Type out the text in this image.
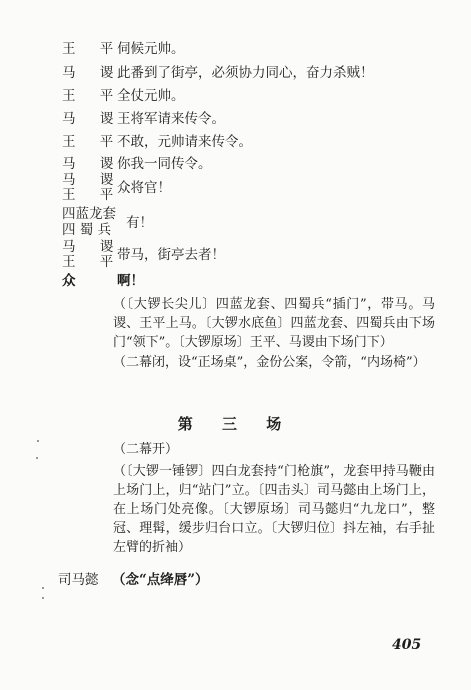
王 平
伺候元帅。
马 谡
此番到了街亭，必须协力同心，奋力杀贼！
王 平
全仗元帅。
马 谡
王将军请来传令。
王 平
不敢，元帅请来传令。
马 谡
你我一同传令。
马 谡
王 平
众将官！
四蓝龙套
四 蜀 兵 有！
马 谡
王 平
带马，街亭去者！
众	啊！
（〔大锣长尖儿〕四蓝龙套、四蜀兵“插门”，带马。马谡、王平上马。〔大锣水底鱼〕四蓝龙套、四蜀兵由下场门“领下”。〔大锣原场〕王平、马谡由下场门下）
（二幕闭，设“正场桌”，金份公案，令箭，“内场椅”）
第 三 场
（二幕开）
（〔大锣一锤锣〕四白龙套持“门枪旗”，龙套甲持马鞭由上场门上，归“站门”立。〔四击头〕司马懿由上场门上，在上场门处亮像。〔大锣原场〕司马懿归“九龙口”，整冠、理髯，缓步归台口立。〔大锣归位〕抖左袖，右手扯左臂的折袖）
司马懿 （念“点绛唇”）
405
